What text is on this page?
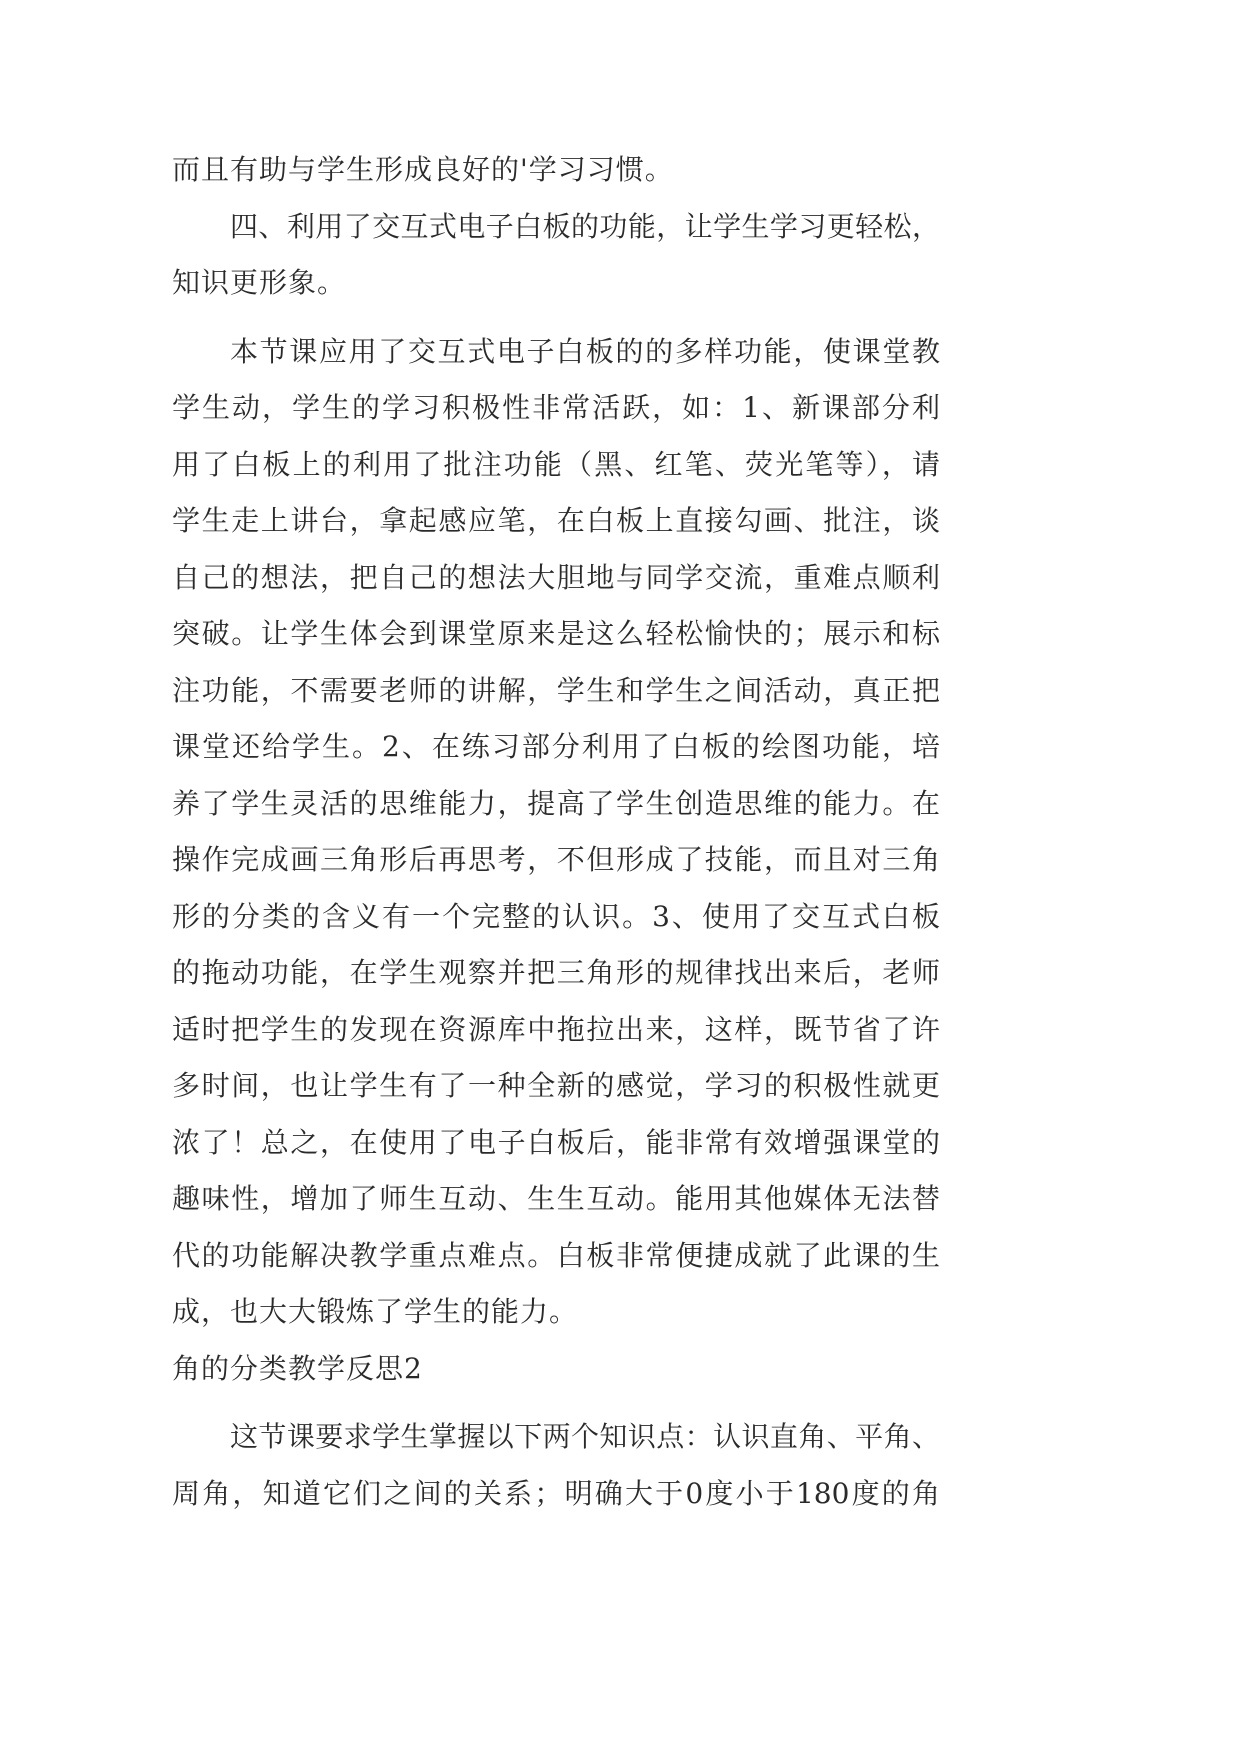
而且有助与学生形成良好的'学习习惯。
四、利用了交互式电子白板的功能，让学生学习更轻松，
知识更形象。
本节课应用了交互式电子白板的的多样功能，使课堂教
学生动，学生的学习积极性非常活跃，如：1、新课部分利
用了白板上的利用了批注功能（黑、红笔、荧光笔等），请
学生走上讲台，拿起感应笔，在白板上直接勾画、批注，谈
自己的想法，把自己的想法大胆地与同学交流，重难点顺利
突破。让学生体会到课堂原来是这么轻松愉快的；展示和标
注功能，不需要老师的讲解，学生和学生之间活动，真正把
课堂还给学生。2、在练习部分利用了白板的绘图功能，培
养了学生灵活的思维能力，提高了学生创造思维的能力。在
操作完成画三角形后再思考，不但形成了技能，而且对三角
形的分类的含义有一个完整的认识。3、使用了交互式白板
的拖动功能，在学生观察并把三角形的规律找出来后，老师
适时把学生的发现在资源库中拖拉出来，这样，既节省了许
多时间，也让学生有了一种全新的感觉，学习的积极性就更
浓了！总之，在使用了电子白板后，能非常有效增强课堂的
趣味性，增加了师生互动、生生互动。能用其他媒体无法替
代的功能解决教学重点难点。白板非常便捷成就了此课的生
成，也大大锻炼了学生的能力。
角的分类教学反思2
这节课要求学生掌握以下两个知识点：认识直角、平角、
周角，知道它们之间的关系；明确大于0度小于180度的角
